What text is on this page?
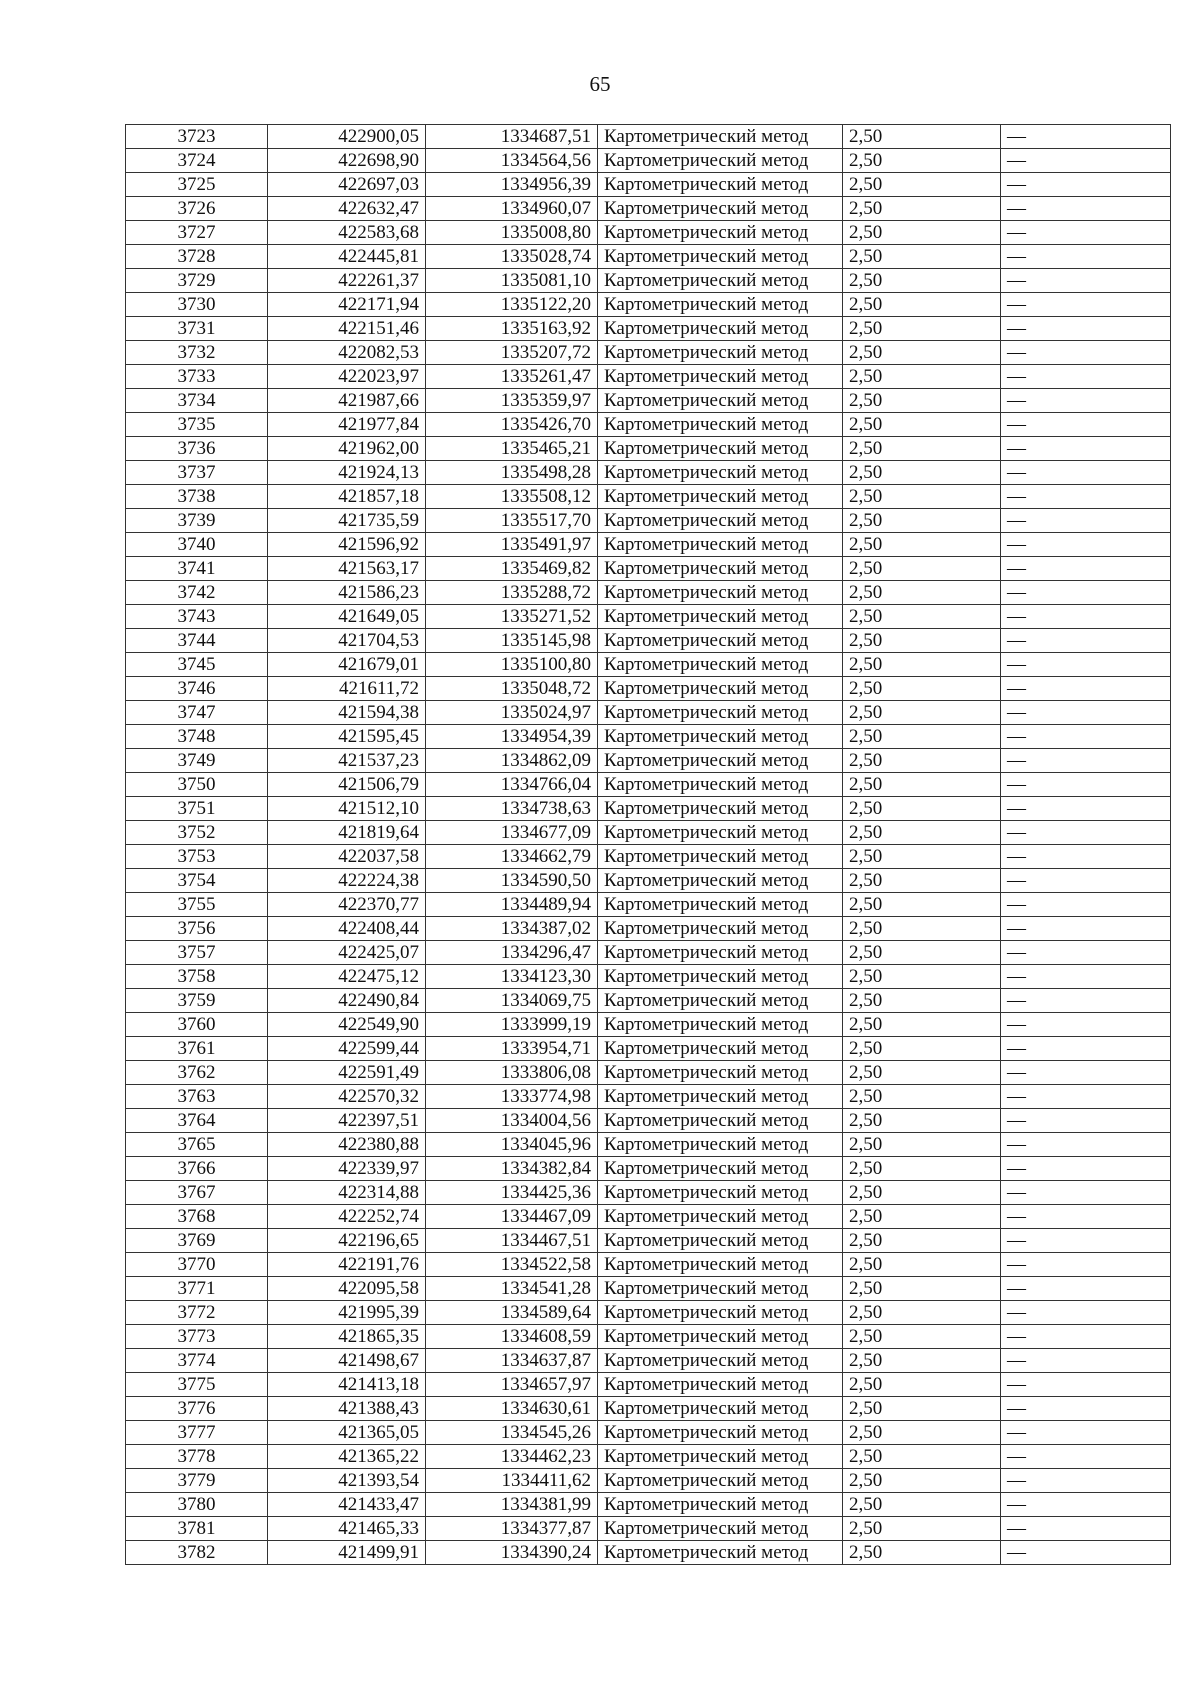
65
3723	422900,05	1334687,51	Картометрический метод	2,50	—
3724	422698,90	1334564,56	Картометрический метод	2,50	—
3725	422697,03	1334956,39	Картометрический метод	2,50	—
3726	422632,47	1334960,07	Картометрический метод	2,50	—
3727	422583,68	1335008,80	Картометрический метод	2,50	—
3728	422445,81	1335028,74	Картометрический метод	2,50	—
3729	422261,37	1335081,10	Картометрический метод	2,50	—
3730	422171,94	1335122,20	Картометрический метод	2,50	—
3731	422151,46	1335163,92	Картометрический метод	2,50	—
3732	422082,53	1335207,72	Картометрический метод	2,50	—
3733	422023,97	1335261,47	Картометрический метод	2,50	—
3734	421987,66	1335359,97	Картометрический метод	2,50	—
3735	421977,84	1335426,70	Картометрический метод	2,50	—
3736	421962,00	1335465,21	Картометрический метод	2,50	—
3737	421924,13	1335498,28	Картометрический метод	2,50	—
3738	421857,18	1335508,12	Картометрический метод	2,50	—
3739	421735,59	1335517,70	Картометрический метод	2,50	—
3740	421596,92	1335491,97	Картометрический метод	2,50	—
3741	421563,17	1335469,82	Картометрический метод	2,50	—
3742	421586,23	1335288,72	Картометрический метод	2,50	—
3743	421649,05	1335271,52	Картометрический метод	2,50	—
3744	421704,53	1335145,98	Картометрический метод	2,50	—
3745	421679,01	1335100,80	Картометрический метод	2,50	—
3746	421611,72	1335048,72	Картометрический метод	2,50	—
3747	421594,38	1335024,97	Картометрический метод	2,50	—
3748	421595,45	1334954,39	Картометрический метод	2,50	—
3749	421537,23	1334862,09	Картометрический метод	2,50	—
3750	421506,79	1334766,04	Картометрический метод	2,50	—
3751	421512,10	1334738,63	Картометрический метод	2,50	—
3752	421819,64	1334677,09	Картометрический метод	2,50	—
3753	422037,58	1334662,79	Картометрический метод	2,50	—
3754	422224,38	1334590,50	Картометрический метод	2,50	—
3755	422370,77	1334489,94	Картометрический метод	2,50	—
3756	422408,44	1334387,02	Картометрический метод	2,50	—
3757	422425,07	1334296,47	Картометрический метод	2,50	—
3758	422475,12	1334123,30	Картометрический метод	2,50	—
3759	422490,84	1334069,75	Картометрический метод	2,50	—
3760	422549,90	1333999,19	Картометрический метод	2,50	—
3761	422599,44	1333954,71	Картометрический метод	2,50	—
3762	422591,49	1333806,08	Картометрический метод	2,50	—
3763	422570,32	1333774,98	Картометрический метод	2,50	—
3764	422397,51	1334004,56	Картометрический метод	2,50	—
3765	422380,88	1334045,96	Картометрический метод	2,50	—
3766	422339,97	1334382,84	Картометрический метод	2,50	—
3767	422314,88	1334425,36	Картометрический метод	2,50	—
3768	422252,74	1334467,09	Картометрический метод	2,50	—
3769	422196,65	1334467,51	Картометрический метод	2,50	—
3770	422191,76	1334522,58	Картометрический метод	2,50	—
3771	422095,58	1334541,28	Картометрический метод	2,50	—
3772	421995,39	1334589,64	Картометрический метод	2,50	—
3773	421865,35	1334608,59	Картометрический метод	2,50	—
3774	421498,67	1334637,87	Картометрический метод	2,50	—
3775	421413,18	1334657,97	Картометрический метод	2,50	—
3776	421388,43	1334630,61	Картометрический метод	2,50	—
3777	421365,05	1334545,26	Картометрический метод	2,50	—
3778	421365,22	1334462,23	Картометрический метод	2,50	—
3779	421393,54	1334411,62	Картометрический метод	2,50	—
3780	421433,47	1334381,99	Картометрический метод	2,50	—
3781	421465,33	1334377,87	Картометрический метод	2,50	—
3782	421499,91	1334390,24	Картометрический метод	2,50	—
